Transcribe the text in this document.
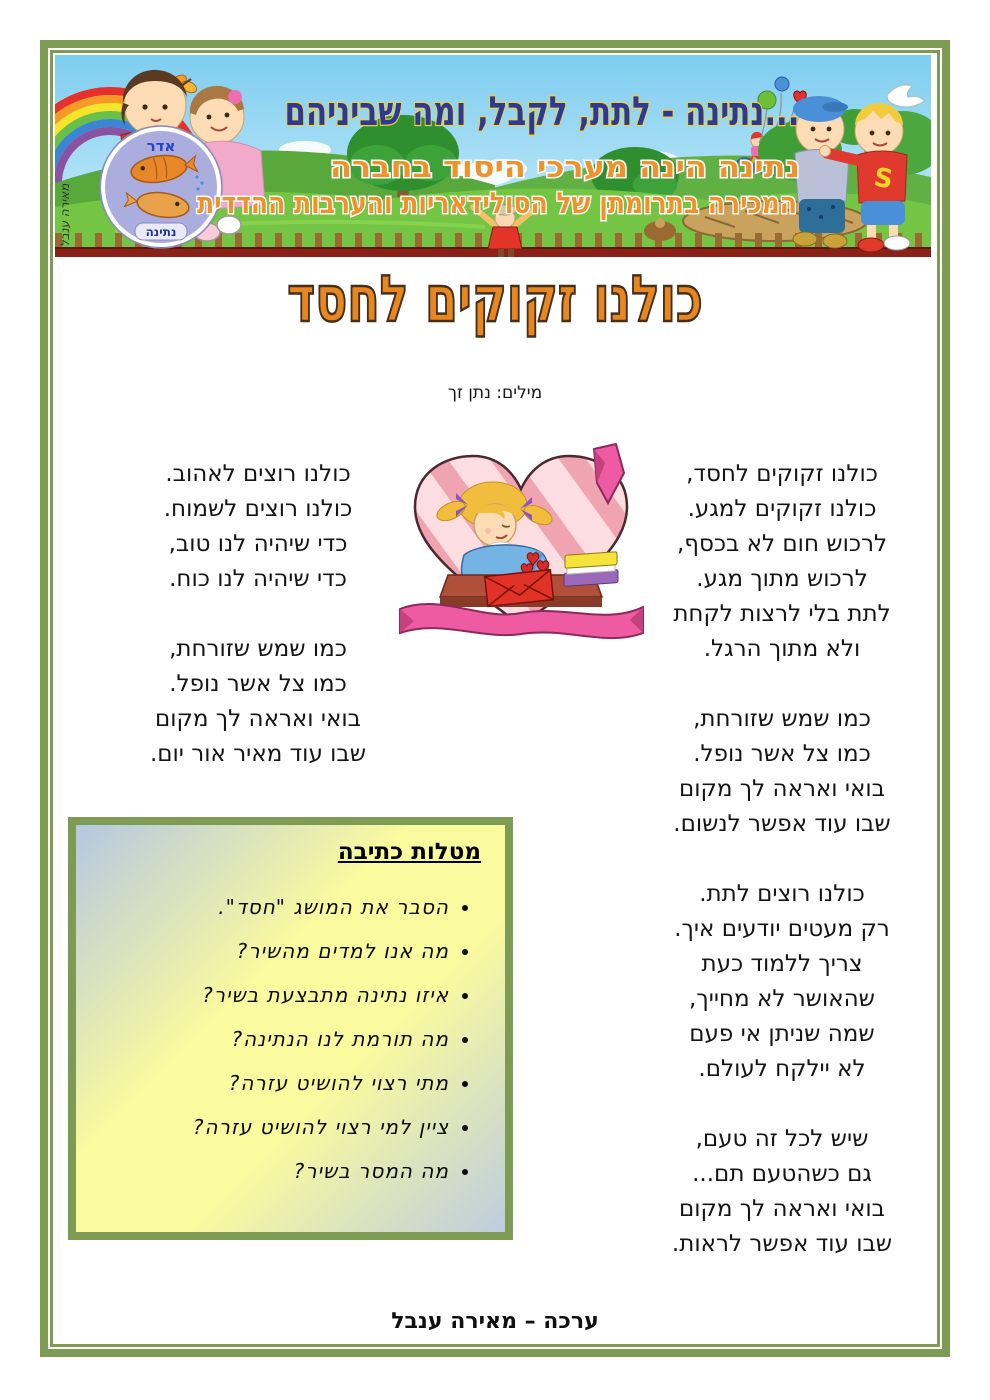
אדר
נתינה
S
נתינה - לתת, לקבל, ומה שביניהם...
נתינה הינה מערכי היסוד בחברה
המכירה בתרומתן של הסולידאריות והערבות ההדדית
מאירה ענבל
כולנו זקוקים לחסד
מילים: נתן זך
כולנו זקוקים לחסד,
כולנו זקוקים למגע.
לרכוש חום לא בכסף,
לרכוש מתוך מגע.
לתת בלי לרצות לקחת
ולא מתוך הרגל.
כמו שמש שזורחת,
כמו צל אשר נופל.
בואי ואראה לך מקום
שבו עוד אפשר לנשום.
כולנו רוצים לתת.
רק מעטים יודעים איך.
צריך ללמוד כעת
שהאושר לא מחייך,
שמה שניתן אי פעם
לא יילקח לעולם.
שיש לכל זה טעם,
גם כשהטעם תם...
בואי ואראה לך מקום
שבו עוד אפשר לראות.
כולנו רוצים לאהוב.
כולנו רוצים לשמוח.
כדי שיהיה לנו טוב,
כדי שיהיה לנו כוח.
כמו שמש שזורחת,
כמו צל אשר נופל.
בואי ואראה לך מקום
שבו עוד מאיר אור יום.
מטלות כתיבה
• הסבר את המושג "חסד".
• מה אנו למדים מהשיר?
• איזו נתינה מתבצעת בשיר?
• מה תורמת לנו הנתינה?
• מתי רצוי להושיט עזרה?
• ציין למי רצוי להושיט עזרה?
• מה המסר בשיר?
ערכה – מאירה ענבל
